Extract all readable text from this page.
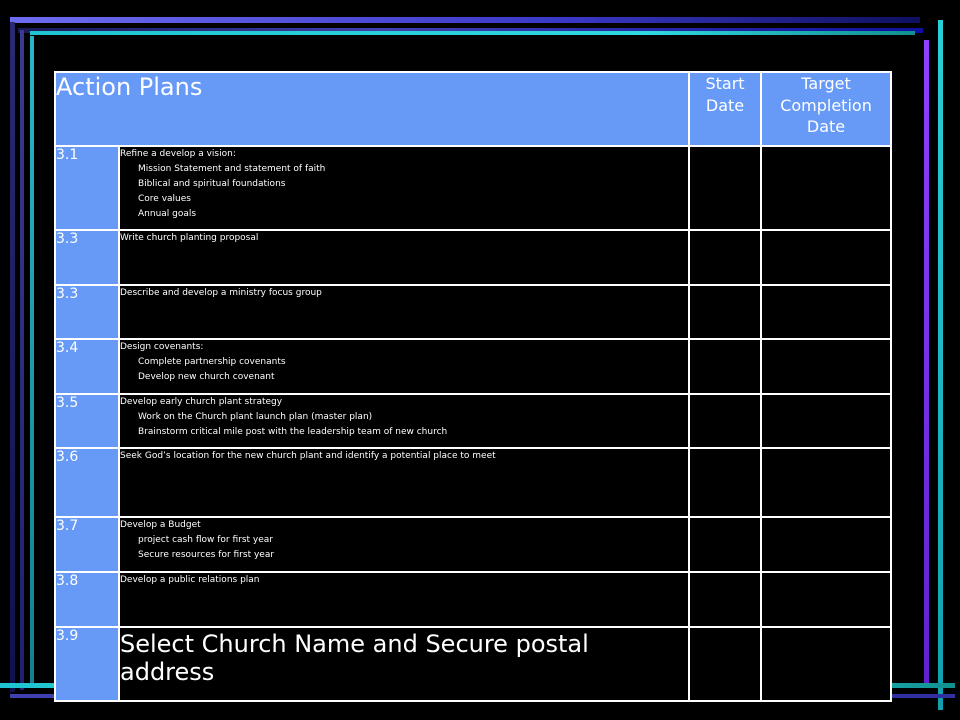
Action Plans		Start Date	Target Completion Date
3.1	Refine a develop a vision:
Mission Statement and statement of faith
Biblical and spiritual foundations
Core values
Annual goals		

3.3	Write church planting proposal		

3.3	Describe and develop a ministry focus group		

3.4	Design covenants:
Complete partnership covenants
Develop new church covenant		

3.5	Develop early church plant strategy
Work on the Church plant launch plan (master plan)
Brainstorm critical mile post with the leadership team of new church		

3.6	Seek God’s location for the new church plant and identify a potential place to meet		

3.7	Develop a Budget
project cash flow for first year
Secure resources for first year		

3.8	Develop a public relations plan		

3.9	Select Church Name and Secure postal address		
